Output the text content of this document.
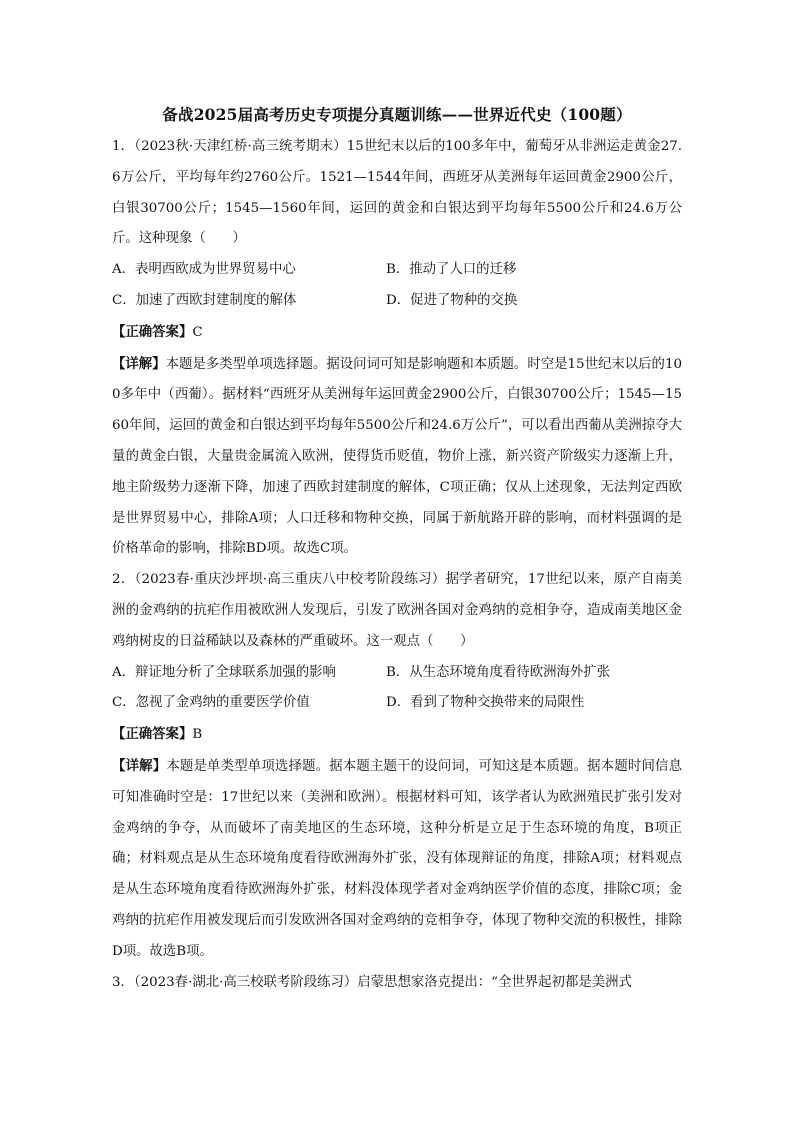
备战2025届高考历史专项提分真题训练——世界近代史（100题）

1．（2023秋·天津红桥·高三统考期末）15世纪末以后的100多年中，葡萄牙从非洲运走黄金27.6万公斤，平均每年约2760公斤。1521—1544年间，西班牙从美洲每年运回黄金2900公斤，白银30700公斤；1545—1560年间，运回的黄金和白银达到平均每年5500公斤和24.6万公斤。这种现象（　　）

A．表明西欧成为世界贸易中心	B．推动了人口的迁移
C．加速了西欧封建制度的解体	D．促进了物种的交换

【正确答案】C

【详解】本题是多类型单项选择题。据设问词可知是影响题和本质题。时空是15世纪末以后的100多年中（西葡）。据材料“西班牙从美洲每年运回黄金2900公斤，白银30700公斤；1545—1560年间，运回的黄金和白银达到平均每年5500公斤和24.6万公斤”，可以看出西葡从美洲掠夺大量的黄金白银，大量贵金属流入欧洲，使得货币贬值，物价上涨，新兴资产阶级实力逐渐上升，地主阶级势力逐渐下降，加速了西欧封建制度的解体，C项正确；仅从上述现象，无法判定西欧是世界贸易中心，排除A项；人口迁移和物种交换，同属于新航路开辟的影响，而材料强调的是价格革命的影响，排除BD项。故选C项。

2．（2023春·重庆沙坪坝·高三重庆八中校考阶段练习）据学者研究，17世纪以来，原产自南美洲的金鸡纳的抗疟作用被欧洲人发现后，引发了欧洲各国对金鸡纳的竞相争夺，造成南美地区金鸡纳树皮的日益稀缺以及森林的严重破坏。这一观点（　　）

A．辩证地分析了全球联系加强的影响	B．从生态环境角度看待欧洲海外扩张
C．忽视了金鸡纳的重要医学价值	D．看到了物种交换带来的局限性

【正确答案】B

【详解】本题是单类型单项选择题。据本题主题干的设问词，可知这是本质题。据本题时间信息可知准确时空是：17世纪以来（美洲和欧洲）。根据材料可知，该学者认为欧洲殖民扩张引发对金鸡纳的争夺，从而破坏了南美地区的生态环境，这种分析是立足于生态环境的角度，B项正确；材料观点是从生态环境角度看待欧洲海外扩张，没有体现辩证的角度，排除A项；材料观点是从生态环境角度看待欧洲海外扩张，材料没体现学者对金鸡纳医学价值的态度，排除C项；金鸡纳的抗疟作用被发现后而引发欧洲各国对金鸡纳的竞相争夺，体现了物种交流的积极性，排除D项。故选B项。

3．（2023春·湖北·高三校联考阶段练习）启蒙思想家洛克提出：“全世界起初都是美洲式
